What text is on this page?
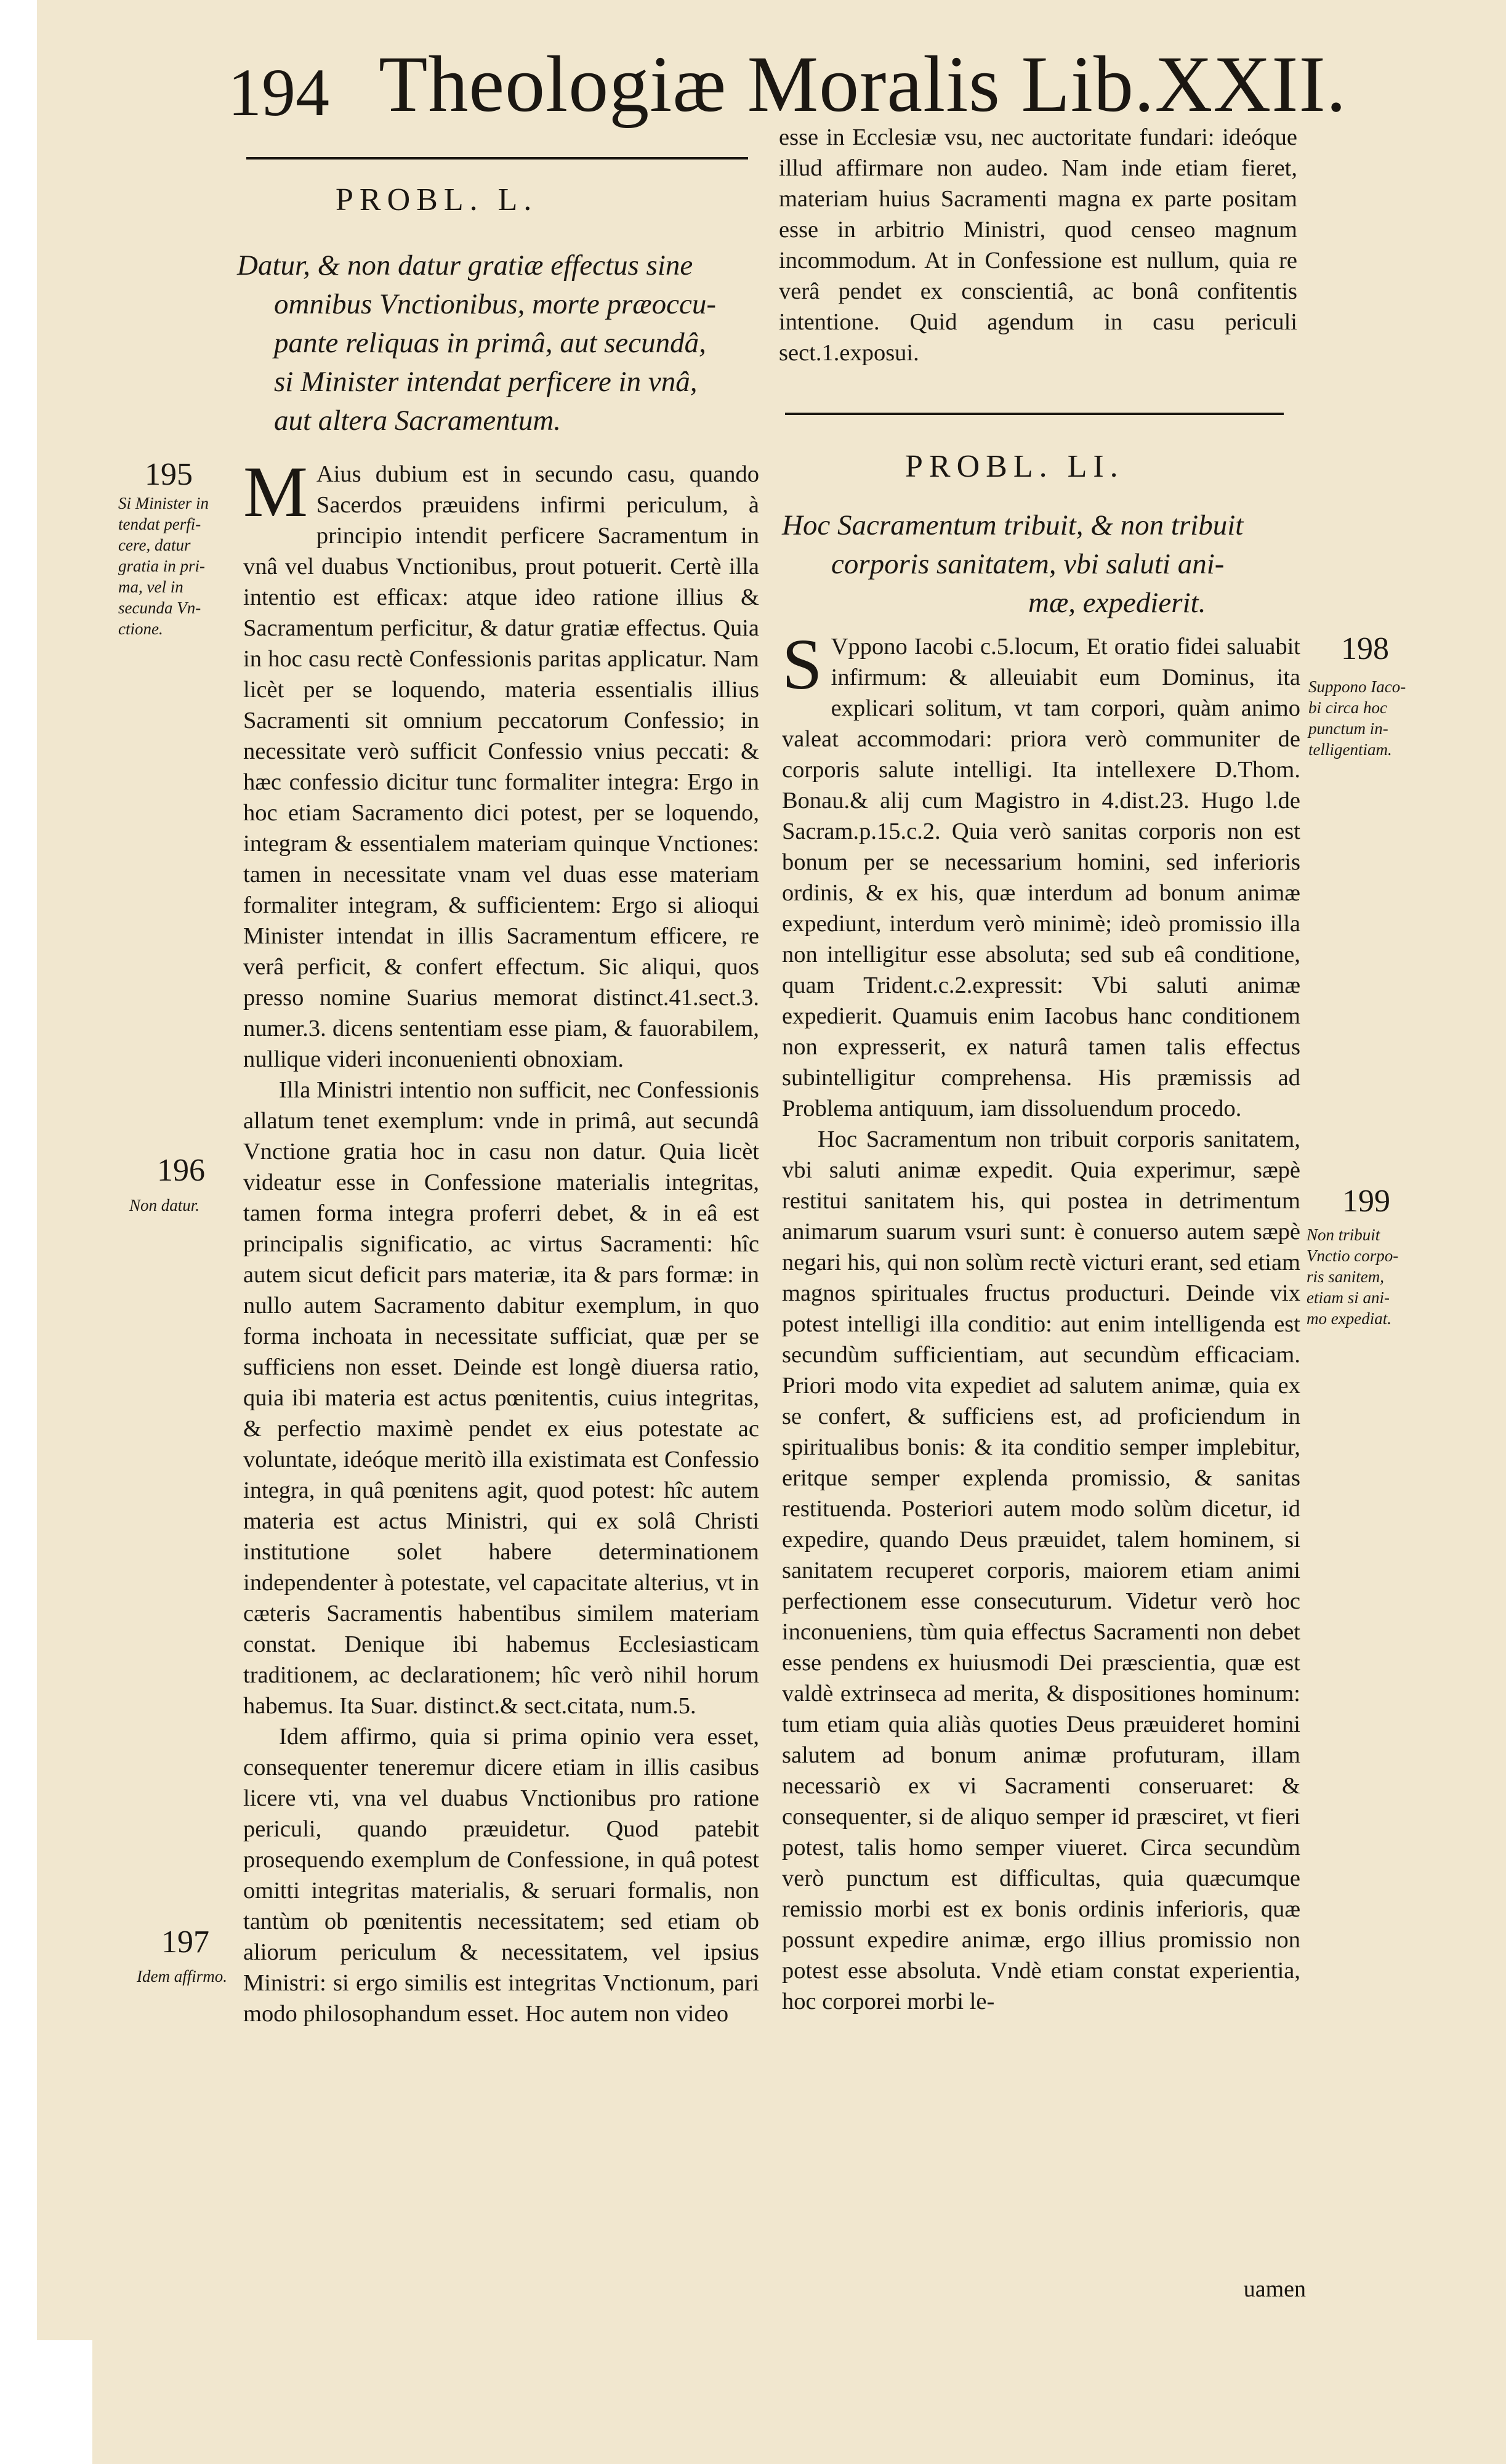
194 Theologiæ Moralis Lib.XXII.
PROBL. L.
Datur, & non datur gratiæ effectus sine
omnibus Vnctionibus, morte præoccu-
pante reliquas in primâ, aut secundâ,
si Minister intendat perficere in vnâ,
aut altera Sacramentum.

M Aius dubium est in secundo casu, quando Sacerdos præuidens infirmi periculum, à principio intendit perficere Sacramentum in vnâ vel duabus Vnctionibus, prout potuerit. Certè illa intentio est efficax: atque ideo ratione illius & Sacramentum perficitur, & datur gratiæ effectus. Quia in hoc casu rectè Confessionis paritas applicatur. Nam licèt per se loquendo, materia essentialis illius Sacramenti sit omnium peccatorum Confessio; in necessitate verò sufficit Confessio vnius peccati: & hæc confessio dicitur tunc formaliter integra: Ergo in hoc etiam Sacramento dici potest, per se loquendo, integram & essentialem materiam quinque Vnctiones: tamen in necessitate vnam vel duas esse materiam formaliter integram, & sufficientem: Ergo si alioqui Minister intendat in illis Sacramentum efficere, re verâ perficit, & confert effectum. Sic aliqui, quos presso nomine Suarius memorat distinct.41.sect.3. numer.3. dicens sententiam esse piam, & fauorabilem, nullique videri inconuenienti obnoxiam.

Illa Ministri intentio non sufficit, nec Confessionis allatum tenet exemplum: vnde in primâ, aut secundâ Vnctione gratia hoc in casu non datur. Quia licèt videatur esse in Confessione materialis integritas, tamen forma integra proferri debet, & in eâ est principalis significatio, ac virtus Sacramenti: hîc autem sicut deficit pars materiæ, ita & pars formæ: in nullo autem Sacramento dabitur exemplum, in quo forma inchoata in necessitate sufficiat, quæ per se sufficiens non esset. Deinde est longè diuersa ratio, quia ibi materia est actus pœnitentis, cuius integritas, & perfectio maximè pendet ex eius potestate ac voluntate, ideóque meritò illa existimata est Confessio integra, in quâ pœnitens agit, quod potest: hîc autem materia est actus Ministri, qui ex solâ Christi institutione solet habere determinationem independenter à potestate, vel capacitate alterius, vt in cæteris Sacramentis habentibus similem materiam constat. Denique ibi habemus Ecclesiasticam traditionem, ac declarationem; hîc verò nihil horum habemus. Ita Suar. distinct.& sect.citata, num.5.

Idem affirmo, quia si prima opinio vera esset, consequenter teneremur dicere etiam in illis casibus licere vti, vna vel duabus Vnctionibus pro ratione periculi, quando præuidetur. Quod patebit prosequendo exemplum de Confessione, in quâ potest omitti integritas materialis, & seruari formalis, non tantùm ob pœnitentis necessitatem; sed etiam ob aliorum periculum & necessitatem, vel ipsius Ministri: si ergo similis est integritas Vnctionum, pari modo philosophandum esset. Hoc autem non video

195
Si Minister in
tendat perfi-
cere, datur
gratia in pri-
ma, vel in
secunda Vn-
ctione.
196
Non datur.
197
Idem affirmo.

esse in Ecclesiæ vsu, nec auctoritate fundari: ideóque illud affirmare non audeo. Nam inde etiam fieret, materiam huius Sacramenti magna ex parte positam esse in arbitrio Ministri, quod censeo magnum incommodum. At in Confessione est nullum, quia re verâ pendet ex conscientiâ, ac bonâ confitentis intentione. Quid agendum in casu periculi sect.1.exposui.

PROBL. LI.
Hoc Sacramentum tribuit, & non tribuit
corporis sanitatem, vbi saluti ani-
mæ, expedierit.

S Vppono Iacobi c.5.locum, Et oratio fidei saluabit infirmum: & alleuiabit eum Dominus, ita explicari solitum, vt tam corpori, quàm animo valeat accommodari: priora verò communiter de corporis salute intelligi. Ita intellexere D.Thom. Bonau.& alij cum Magistro in 4.dist.23. Hugo l.de Sacram.p.15.c.2. Quia verò sanitas corporis non est bonum per se necessarium homini, sed inferioris ordinis, & ex his, quæ interdum ad bonum animæ expediunt, interdum verò minimè; ideò promissio illa non intelligitur esse absoluta; sed sub eâ conditione, quam Trident.c.2.expressit: Vbi saluti animæ expedierit. Quamuis enim Iacobus hanc conditionem non expresserit, ex naturâ tamen talis effectus subintelligitur comprehensa. His præmissis ad Problema antiquum, iam dissoluendum procedo.

Hoc Sacramentum non tribuit corporis sanitatem, vbi saluti animæ expedit. Quia experimur, sæpè restitui sanitatem his, qui postea in detrimentum animarum suarum vsuri sunt: è conuerso autem sæpè negari his, qui non solùm rectè victuri erant, sed etiam magnos spirituales fructus producturi. Deinde vix potest intelligi illa conditio: aut enim intelligenda est secundùm sufficientiam, aut secundùm efficaciam. Priori modo vita expediet ad salutem animæ, quia ex se confert, & sufficiens est, ad proficiendum in spiritualibus bonis: & ita conditio semper implebitur, eritque semper explenda promissio, & sanitas restituenda. Posteriori autem modo solùm dicetur, id expedire, quando Deus præuidet, talem hominem, si sanitatem recuperet corporis, maiorem etiam animi perfectionem esse consecuturum. Videtur verò hoc inconueniens, tùm quia effectus Sacramenti non debet esse pendens ex huiusmodi Dei præscientia, quæ est valdè extrinseca ad merita, & dispositiones hominum: tum etiam quia aliàs quoties Deus præuideret homini salutem ad bonum animæ profuturam, illam necessariò ex vi Sacramenti conseruaret: & consequenter, si de aliquo semper id præsciret, vt fieri potest, talis homo semper viueret. Circa secundùm verò punctum est difficultas, quia quæcumque remissio morbi est ex bonis ordinis inferioris, quæ possunt expedire animæ, ergo illius promissio non potest esse absoluta. Vndè etiam constat experientia, hoc corporei morbi le-

198
Suppono Iaco-
bi circa hoc
punctum in-
telligentiam.
199
Non tribuit
Vnctio corpo-
ris sanitem,
etiam si ani-
mo expediat.
uamen
